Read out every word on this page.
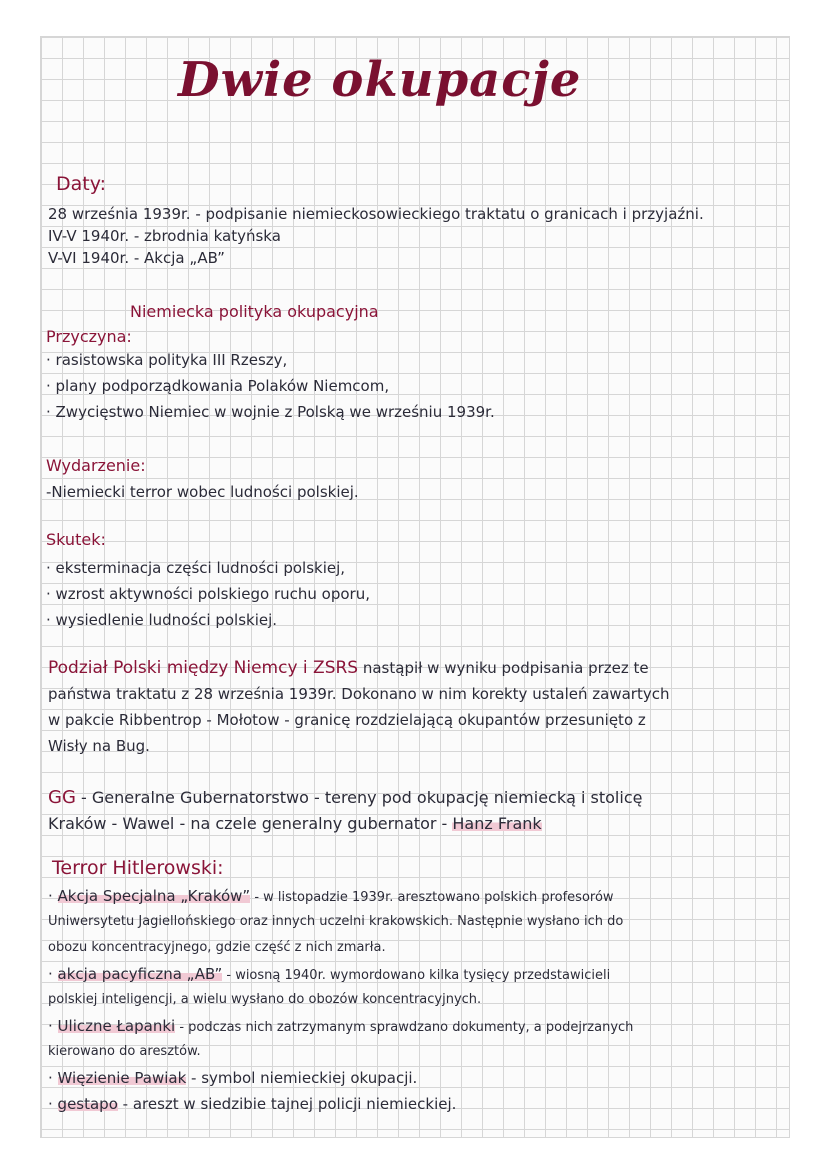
Dwie okupacje
Daty:
28 września 1939r. - podpisanie niemieckosowieckiego traktatu o granicach i przyjaźni.
IV-V 1940r. - zbrodnia katyńska
V-VI 1940r. - Akcja „AB”
Niemiecka polityka okupacyjna
Przyczyna:
· rasistowska polityka III Rzeszy,
· plany podporządkowania Polaków Niemcom,
· Zwycięstwo Niemiec w wojnie z Polską we wrześniu 1939r.
Wydarzenie:
-Niemiecki terror wobec ludności polskiej.
Skutek:
· eksterminacja części ludności polskiej,
· wzrost aktywności polskiego ruchu oporu,
· wysiedlenie ludności polskiej.
Podział Polski między Niemcy i ZSRS nastąpił w wyniku podpisania przez te
państwa traktatu z 28 września 1939r. Dokonano w nim korekty ustaleń zawartych
w pakcie Ribbentrop - Mołotow - granicę rozdzielającą okupantów przesunięto z
Wisły na Bug.
GG - Generalne Gubernatorstwo - tereny pod okupację niemiecką i stolicę
Kraków - Wawel - na czele generalny gubernator - Hanz Frank
Terror Hitlerowski:
· Akcja Specjalna „Kraków” - w listopadzie 1939r. aresztowano polskich profesorów
Uniwersytetu Jagiellońskiego oraz innych uczelni krakowskich. Następnie wysłano ich do
obozu koncentracyjnego, gdzie część z nich zmarła.
· akcja pacyficzna „AB” - wiosną 1940r. wymordowano kilka tysięcy przedstawicieli
polskiej inteligencji, a wielu wysłano do obozów koncentracyjnych.
· Uliczne Łapanki - podczas nich zatrzymanym sprawdzano dokumenty, a podejrzanych
kierowano do aresztów.
· Więzienie Pawiak - symbol niemieckiej okupacji.
· gestapo - areszt w siedzibie tajnej policji niemieckiej.
